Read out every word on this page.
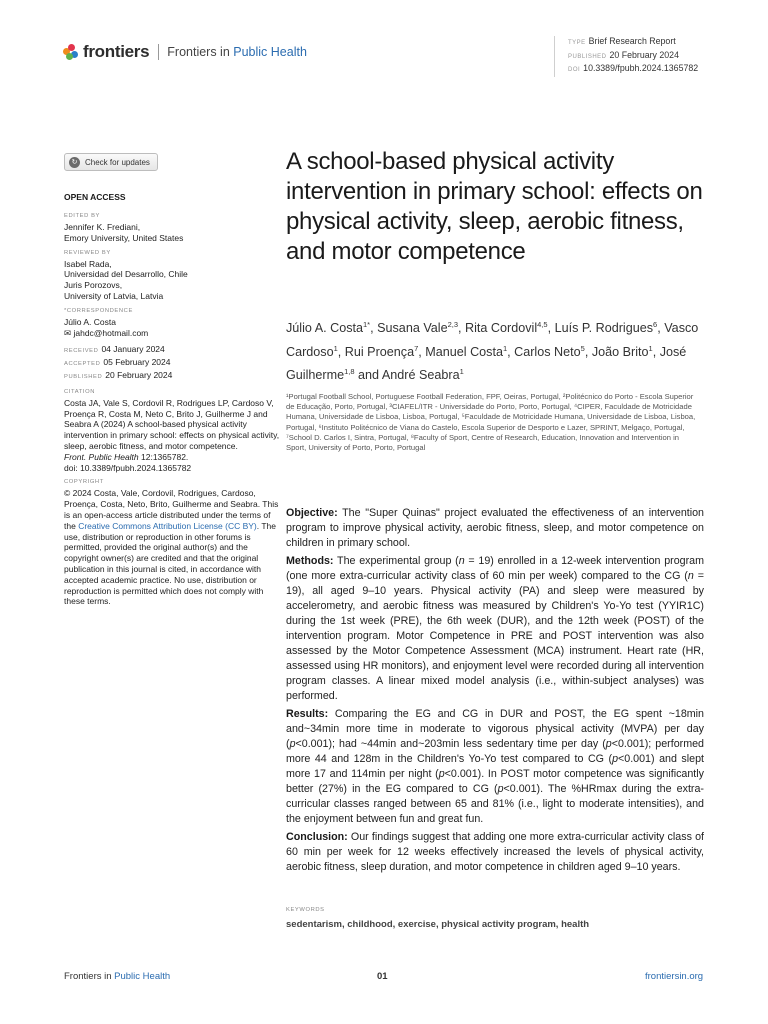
frontiers Frontiers in Public Health
TYPE Brief Research Report
PUBLISHED 20 February 2024
DOI 10.3389/fpubh.2024.1365782
↻ Check for updates
OPEN ACCESS
EDITED BY
Jennifer K. Frediani,
Emory University, United States
REVIEWED BY
Isabel Rada,
Universidad del Desarrollo, Chile
Juris Porozovs,
University of Latvia, Latvia
*CORRESPONDENCE
Júlio A. Costa
✉ jahdc@hotmail.com
RECEIVED 04 January 2024
ACCEPTED 05 February 2024
PUBLISHED 20 February 2024
CITATION
Costa JA, Vale S, Cordovil R, Rodrigues LP, Cardoso V, Proença R, Costa M, Neto C, Brito J, Guilherme J and Seabra A (2024) A school-based physical activity intervention in primary school: effects on physical activity, sleep, aerobic fitness, and motor competence.
Front. Public Health 12:1365782.
doi: 10.3389/fpubh.2024.1365782
COPYRIGHT
© 2024 Costa, Vale, Cordovil, Rodrigues, Cardoso, Proença, Costa, Neto, Brito, Guilherme and Seabra. This is an open-access article distributed under the terms of the Creative Commons Attribution License (CC BY). The use, distribution or reproduction in other forums is permitted, provided the original author(s) and the copyright owner(s) are credited and that the original publication in this journal is cited, in accordance with accepted academic practice. No use, distribution or reproduction is permitted which does not comply with these terms.
A school-based physical activity intervention in primary school: effects on physical activity, sleep, aerobic fitness, and motor competence
Júlio A. Costa$^{1*}$, Susana Vale$^{2,3}$, Rita Cordovil$^{4,5}$, Luís P. Rodrigues$^6$, Vasco Cardoso$^1$, Rui Proença$^7$, Manuel Costa$^1$, Carlos Neto$^5$, João Brito$^1$, José Guilherme$^{1,8}$ and André Seabra$^1$
¹Portugal Football School, Portuguese Football Federation, FPF, Oeiras, Portugal, ²Politécnico do Porto - Escola Superior de Educação, Porto, Portugal, ³CIAFEL/ITR - Universidade do Porto, Porto, Portugal, ⁴CIPER, Faculdade de Motricidade Humana, Universidade de Lisboa, Lisboa, Portugal, ⁵Faculdade de Motricidade Humana, Universidade de Lisboa, Lisboa, Portugal, ⁶Instituto Politécnico de Viana do Castelo, Escola Superior de Desporto e Lazer, SPRINT, Melgaço, Portugal, ⁷School D. Carlos I, Sintra, Portugal, ⁸Faculty of Sport, Centre of Research, Education, Innovation and Intervention in Sport, University of Porto, Porto, Portugal

Objective: The "Super Quinas" project evaluated the effectiveness of an intervention program to improve physical activity, aerobic fitness, sleep, and motor competence on children in primary school.

Methods: The experimental group (n = 19) enrolled in a 12-week intervention program (one more extra-curricular activity class of 60 min per week) compared to the CG (n = 19), all aged 9–10 years. Physical activity (PA) and sleep were measured by accelerometry, and aerobic fitness was measured by Children's Yo-Yo test (YYIR1C) during the 1st week (PRE), the 6th week (DUR), and the 12th week (POST) of the intervention program. Motor Competence in PRE and POST intervention was also assessed by the Motor Competence Assessment (MCA) instrument. Heart rate (HR, assessed using HR monitors), and enjoyment level were recorded during all intervention program classes. A linear mixed model analysis (i.e., within-subject analyses) was performed.

Results: Comparing the EG and CG in DUR and POST, the EG spent ~18min and~34min more time in moderate to vigorous physical activity (MVPA) per day (p<0.001); had ~44min and~203min less sedentary time per day (p<0.001); performed more 44 and 128m in the Children's Yo-Yo test compared to CG (p<0.001) and slept more 17 and 114min per night (p<0.001). In POST motor competence was significantly better (27%) in the EG compared to CG (p<0.001). The %HRmax during the extra-curricular classes ranged between 65 and 81% (i.e., light to moderate intensities), and the enjoyment between fun and great fun.

Conclusion: Our findings suggest that adding one more extra-curricular activity class of 60 min per week for 12 weeks effectively increased the levels of physical activity, aerobic fitness, sleep duration, and motor competence in children aged 9–10 years.

KEYWORDS
sedentarism, childhood, exercise, physical activity program, health
Frontiers in Public Health	01	frontiersin.org
